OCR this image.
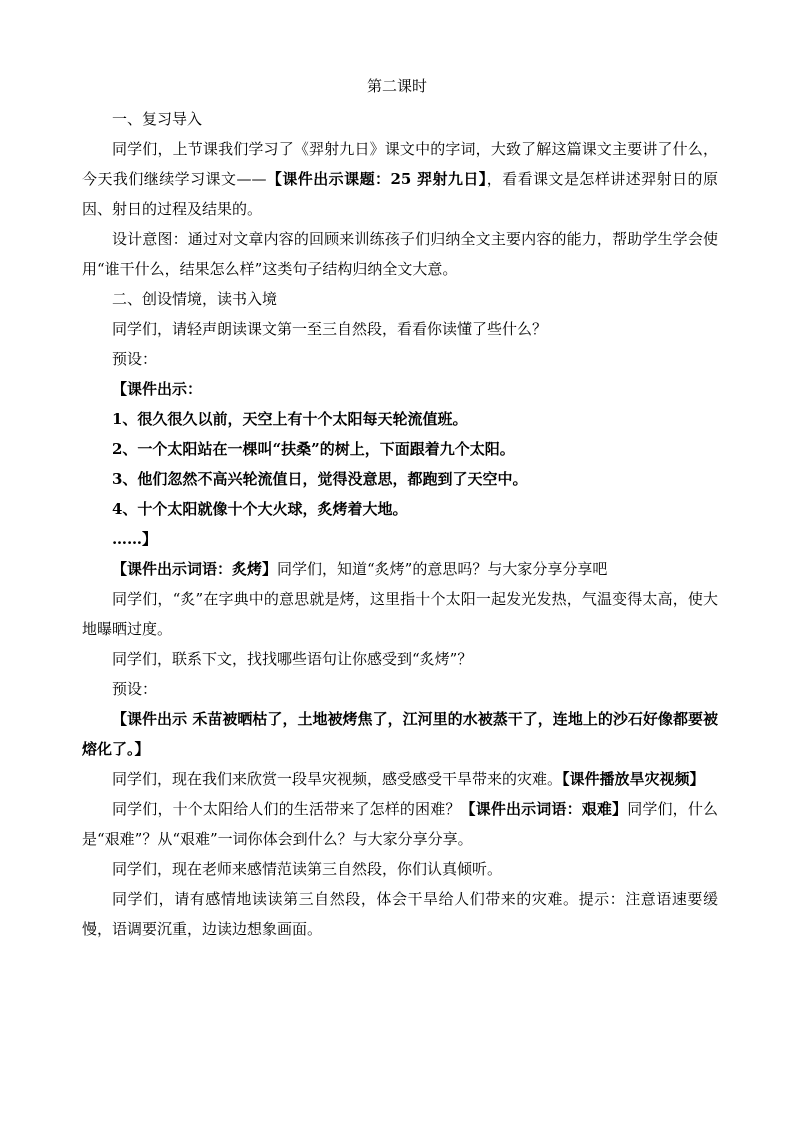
第二课时

一、复习导入

同学们，上节课我们学习了《羿射九日》课文中的字词，大致了解这篇课文主要讲了什么，今天我们继续学习课文——【课件出示课题：25 羿射九日】，看看课文是怎样讲述羿射日的原因、射日的过程及结果的。

设计意图：通过对文章内容的回顾来训练孩子们归纳全文主要内容的能力，帮助学生学会使用“谁干什么，结果怎么样”这类句子结构归纳全文大意。

二、创设情境，读书入境

同学们，请轻声朗读课文第一至三自然段，看看你读懂了些什么？

预设：

【课件出示：

1、很久很久以前，天空上有十个太阳每天轮流值班。

2、一个太阳站在一棵叫“扶桑”的树上，下面跟着九个太阳。

3、他们忽然不高兴轮流值日，觉得没意思，都跑到了天空中。

4、十个太阳就像十个大火球，炙烤着大地。

……】

【课件出示词语：炙烤】同学们，知道“炙烤”的意思吗？与大家分享分享吧

同学们，“炙”在字典中的意思就是烤，这里指十个太阳一起发光发热，气温变得太高，使大地曝晒过度。

同学们，联系下文，找找哪些语句让你感受到“炙烤”？

预设：

【课件出示 禾苗被晒枯了，土地被烤焦了，江河里的水被蒸干了，连地上的沙石好像都要被熔化了。】

同学们，现在我们来欣赏一段旱灾视频，感受感受干旱带来的灾难。【课件播放旱灾视频】

同学们，十个太阳给人们的生活带来了怎样的困难？【课件出示词语：艰难】同学们，什么是“艰难”？从“艰难”一词你体会到什么？与大家分享分享。

同学们，现在老师来感情范读第三自然段，你们认真倾听。

同学们，请有感情地读读第三自然段，体会干旱给人们带来的灾难。提示：注意语速要缓慢，语调要沉重，边读边想象画面。
